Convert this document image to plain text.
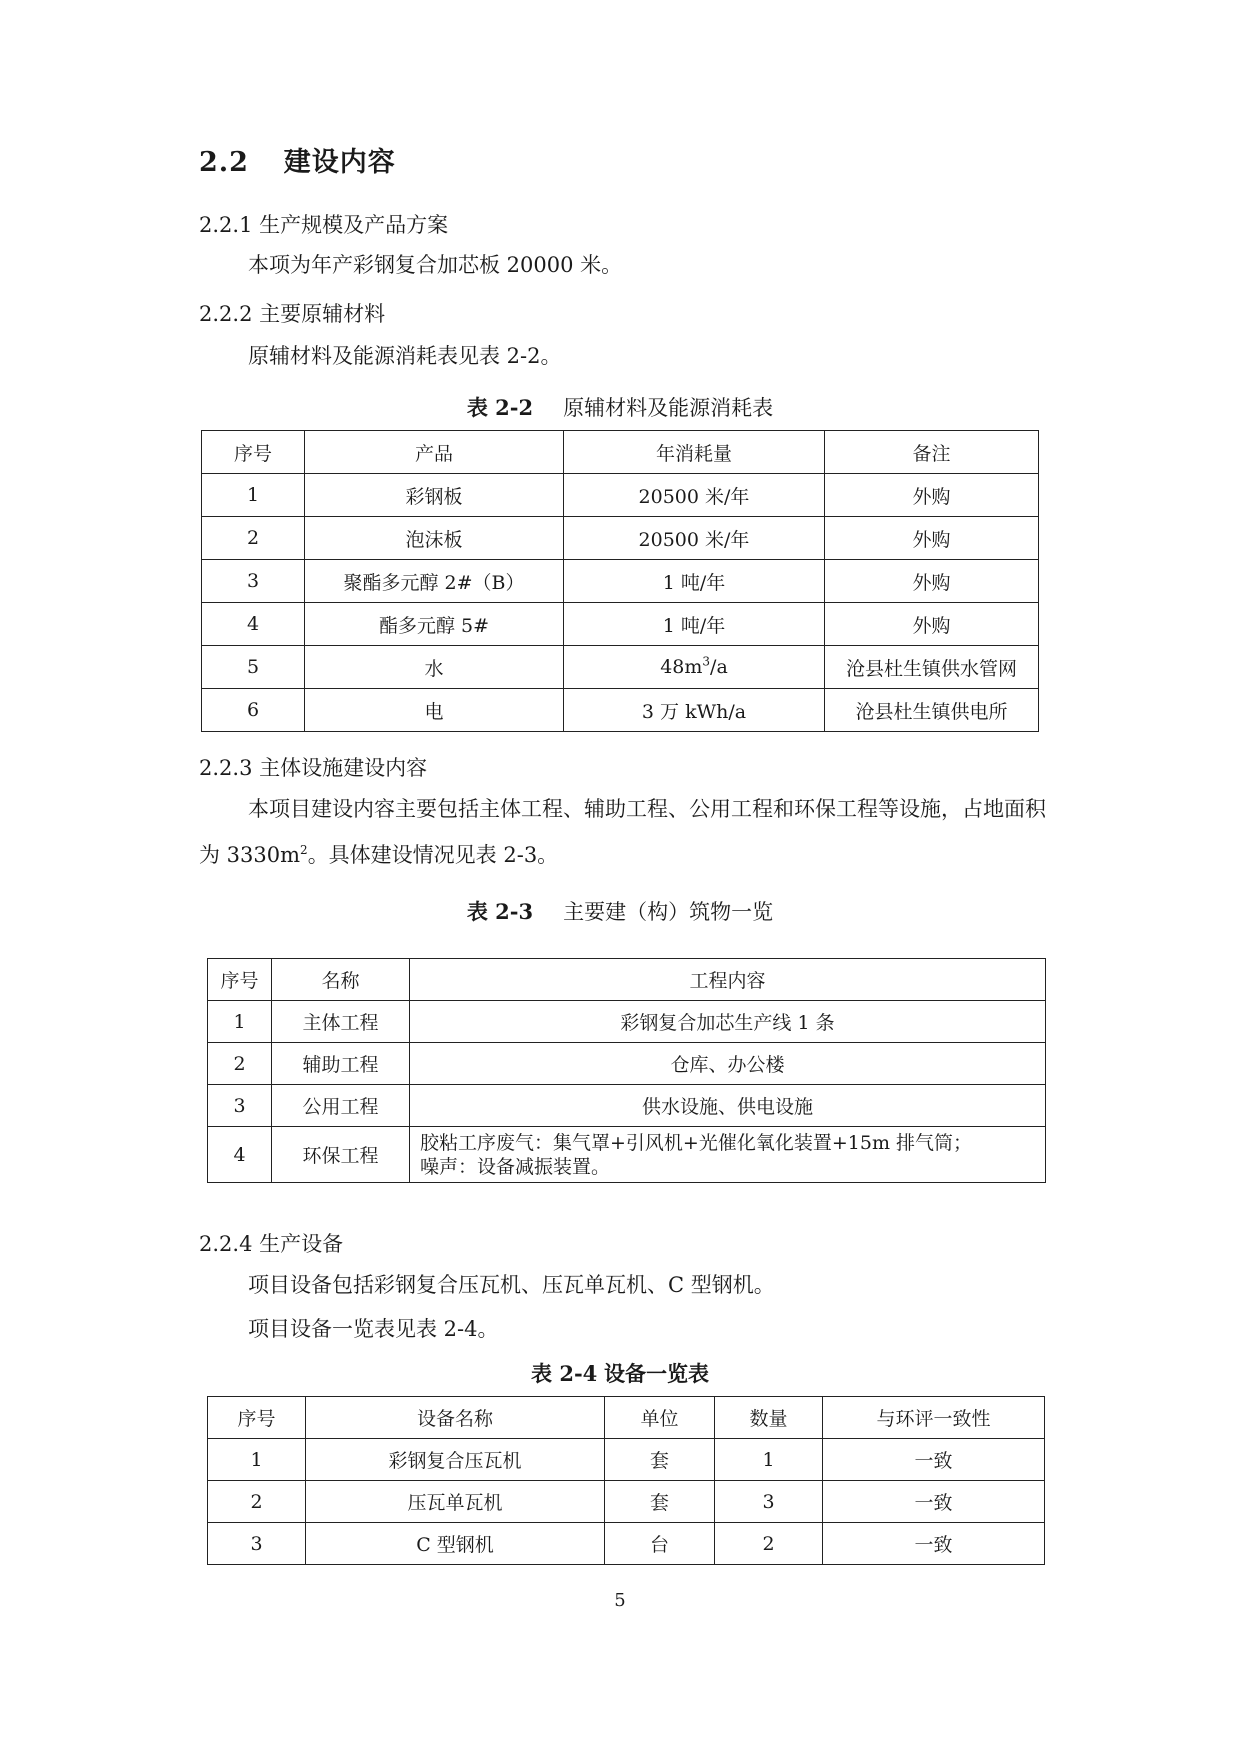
2.2 建设内容
2.2.1 生产规模及产品方案
本项为年产彩钢复合加芯板 20000 米。
2.2.2 主要原辅材料
原辅材料及能源消耗表见表 2-2。
表 2-2 原辅材料及能源消耗表
序号	产品	年消耗量	备注
1	彩钢板	20500 米/年	外购
2	泡沫板	20500 米/年	外购
3	聚酯多元醇 2#（B）	1 吨/年	外购
4	酯多元醇 5#	1 吨/年	外购
5	水	$48m^3/a$	沧县杜生镇供水管网
6	电	3 万 kWh/a	沧县杜生镇供电所
2.2.3 主体设施建设内容

本项目建设内容主要包括主体工程、辅助工程、公用工程和环保工程等设施，占地面积为 $3330m^2$。具体建设情况见表 2-3。

表 2-3 主要建（构）筑物一览
序号	名称	工程内容
1	主体工程	彩钢复合加芯生产线 1 条
2	辅助工程	仓库、办公楼
3	公用工程	供水设施、供电设施
4	环保工程	胶粘工序废气：集气罩+引风机+光催化氧化装置+15m 排气筒；
噪声：设备减振装置。
2.2.4 生产设备
项目设备包括彩钢复合压瓦机、压瓦单瓦机、C 型钢机。
项目设备一览表见表 2-4。
表 2-4 设备一览表
序号	设备名称	单位	数量	与环评一致性
1	彩钢复合压瓦机	套	1	一致
2	压瓦单瓦机	套	3	一致
3	C 型钢机	台	2	一致
5
